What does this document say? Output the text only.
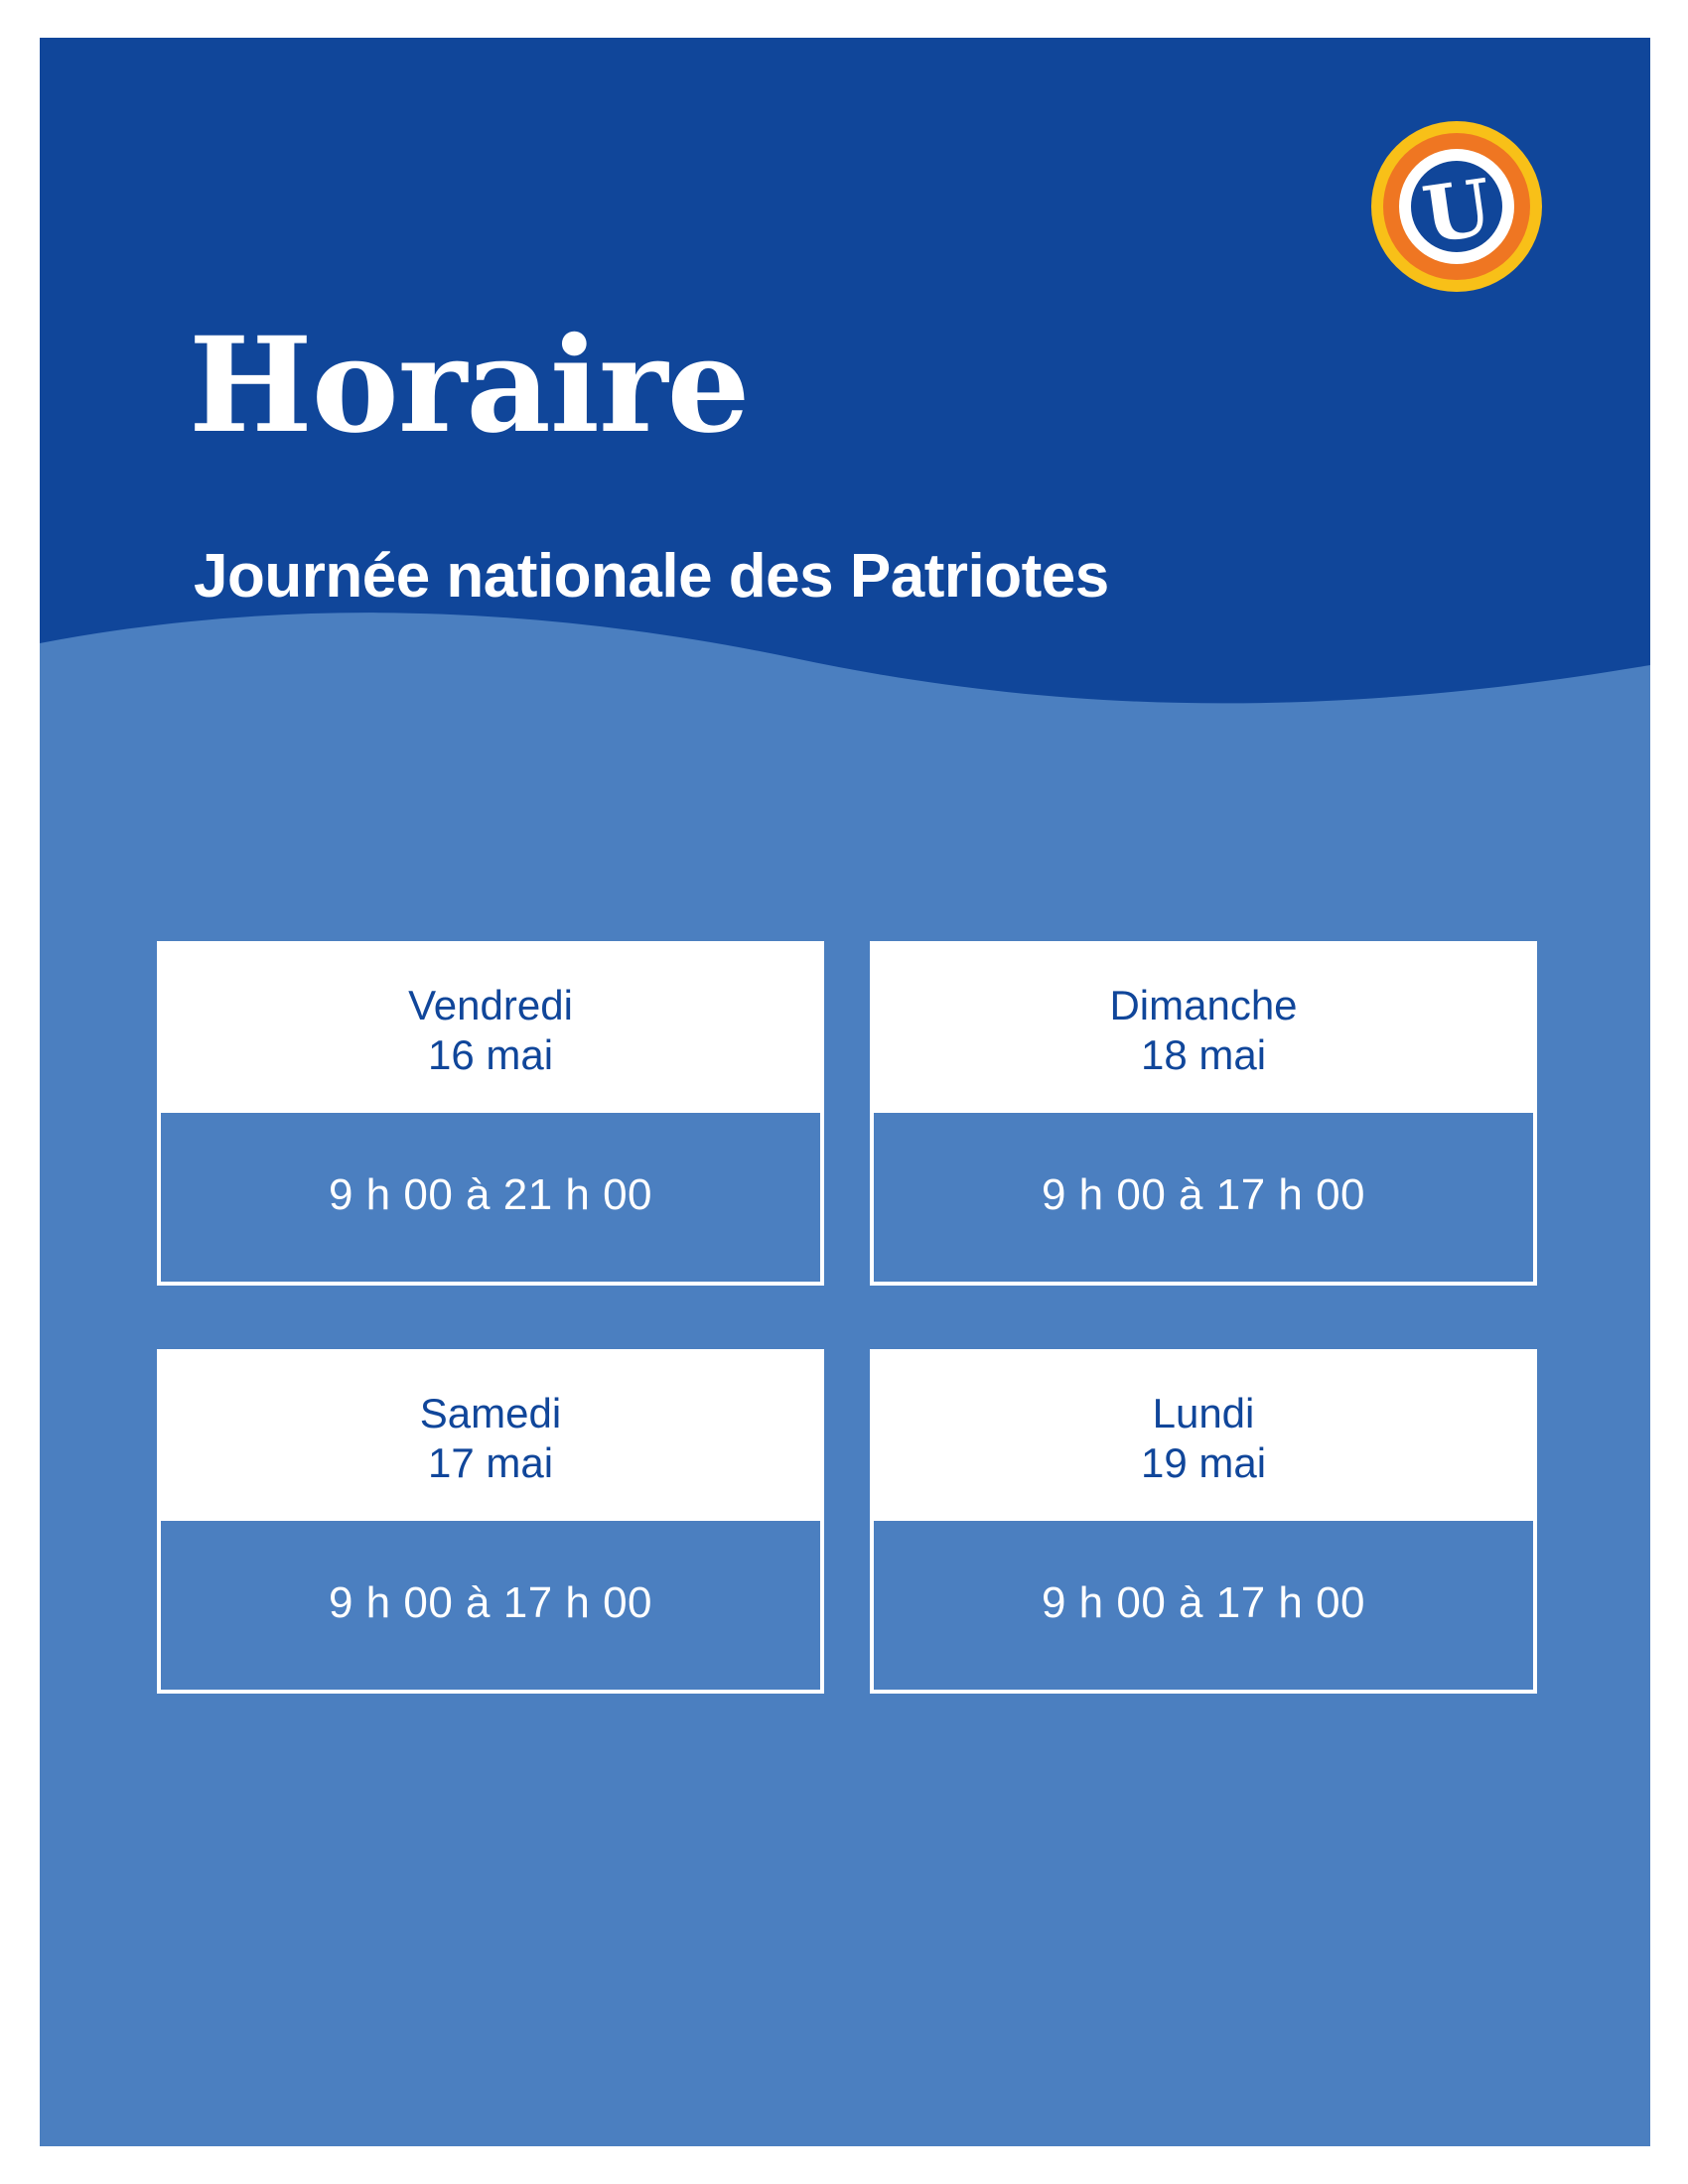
U
Horaire
Journée nationale des Patriotes
Vendredi
16 mai
9 h 00 à 21 h 00
Dimanche
18 mai
9 h 00 à 17 h 00
Samedi
17 mai
9 h 00 à 17 h 00
Lundi
19 mai
9 h 00 à 17 h 00
